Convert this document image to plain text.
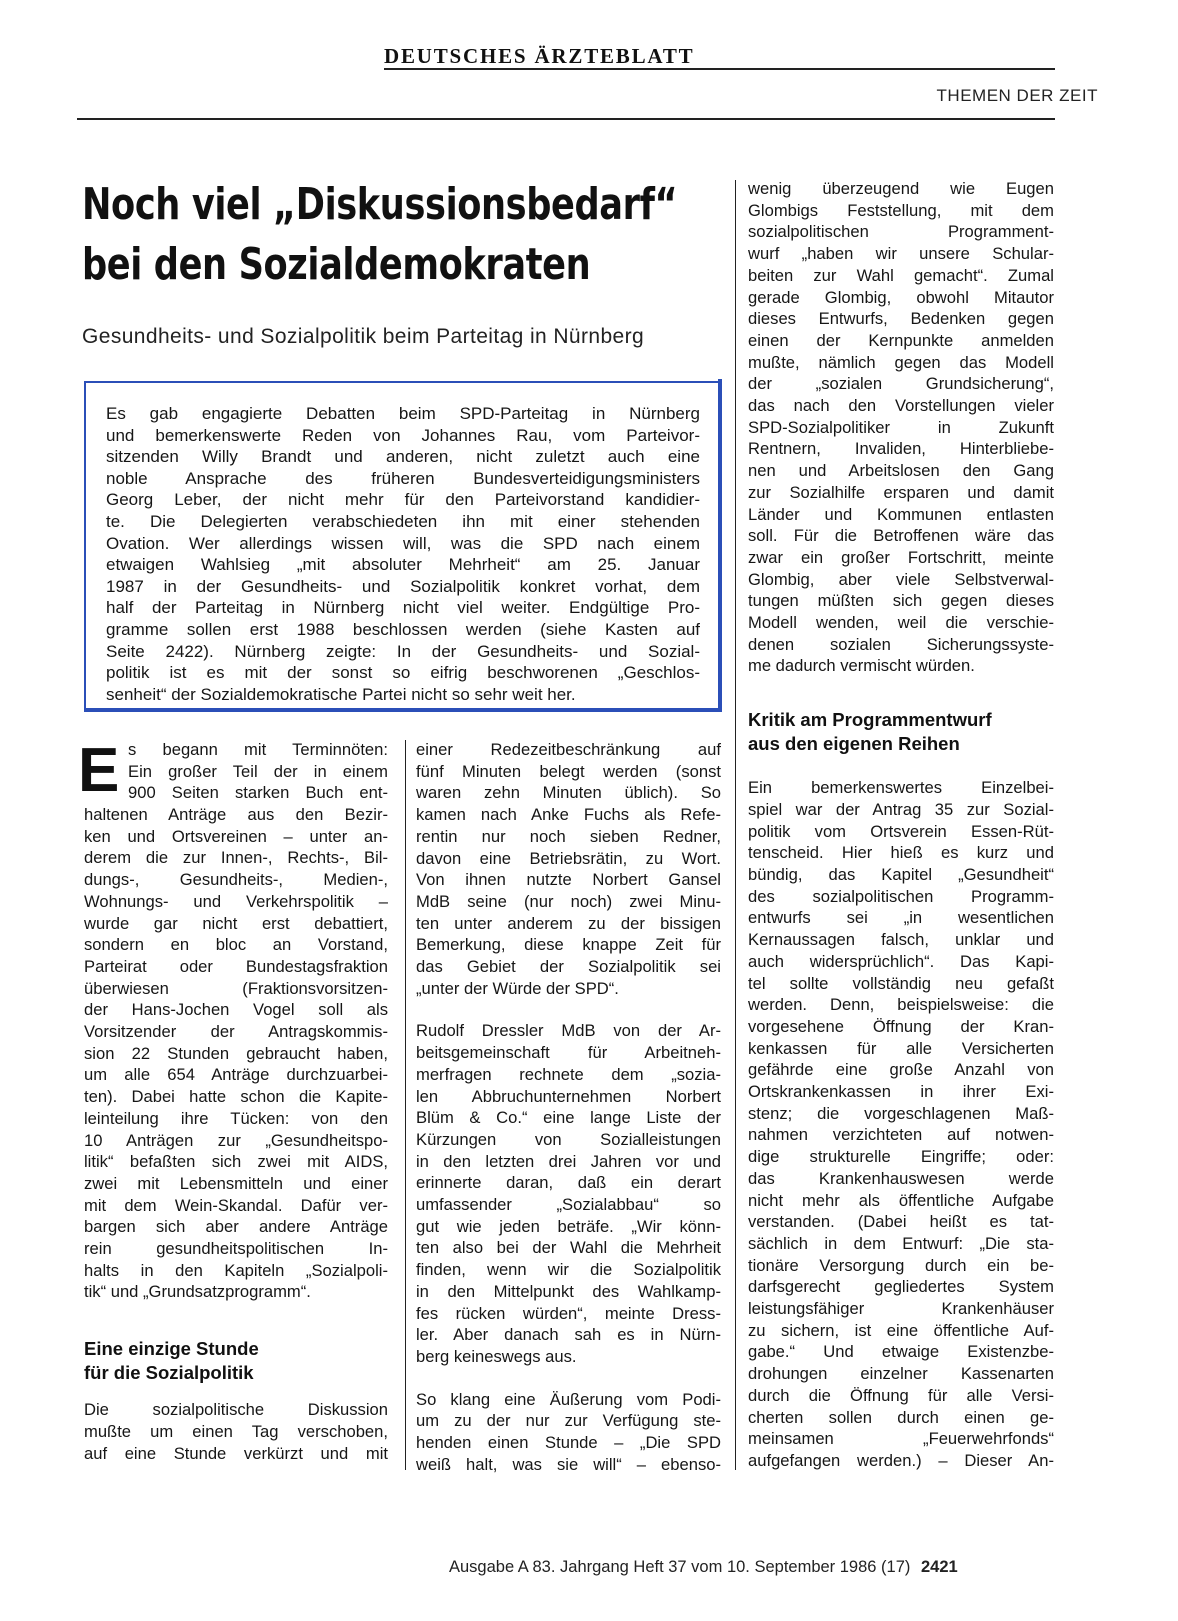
DEUTSCHES ÄRZTEBLATT
THEMEN DER ZEIT
Noch viel „Diskussionsbedarf“
bei den Sozialdemokraten
Gesundheits- und Sozialpolitik beim Parteitag in Nürnberg
Es gab engagierte Debatten beim SPD-Parteitag in Nürnberg
und bemerkenswerte Reden von Johannes Rau, vom Parteivor-
sitzenden Willy Brandt und anderen, nicht zuletzt auch eine
noble Ansprache des früheren Bundesverteidigungsministers
Georg Leber, der nicht mehr für den Parteivorstand kandidier-
te. Die Delegierten verabschiedeten ihn mit einer stehenden
Ovation. Wer allerdings wissen will, was die SPD nach einem
etwaigen Wahlsieg „mit absoluter Mehrheit“ am 25. Januar
1987 in der Gesundheits- und Sozialpolitik konkret vorhat, dem
half der Parteitag in Nürnberg nicht viel weiter. Endgültige Pro-
gramme sollen erst 1988 beschlossen werden (siehe Kasten auf
Seite 2422). Nürnberg zeigte: In der Gesundheits- und Sozial-
politik ist es mit der sonst so eifrig beschworenen „Geschlos-
senheit“ der Sozialdemokratische Partei nicht so sehr weit her.
E s begann mit Terminnöten:
Ein großer Teil der in einem
900 Seiten starken Buch ent-
haltenen Anträge aus den Bezir-
ken und Ortsvereinen – unter an-
derem die zur Innen-, Rechts-, Bil-
dungs-, Gesundheits-, Medien-,
Wohnungs- und Verkehrspolitik –
wurde gar nicht erst debattiert,
sondern en bloc an Vorstand,
Parteirat oder Bundestagsfraktion
überwiesen (Fraktionsvorsitzen-
der Hans-Jochen Vogel soll als
Vorsitzender der Antragskommis-
sion 22 Stunden gebraucht haben,
um alle 654 Anträge durchzuarbei-
ten). Dabei hatte schon die Kapite-
leinteilung ihre Tücken: von den
10 Anträgen zur „Gesundheitspo-
litik“ befaßten sich zwei mit AIDS,
zwei mit Lebensmitteln und einer
mit dem Wein-Skandal. Dafür ver-
bargen sich aber andere Anträge
rein gesundheitspolitischen In-
halts in den Kapiteln „Sozialpoli-
tik“ und „Grundsatzprogramm“.

Eine einzige Stunde
für die Sozialpolitik

Die sozialpolitische Diskussion
mußte um einen Tag verschoben,
auf eine Stunde verkürzt und mit
einer Redezeitbeschränkung auf
fünf Minuten belegt werden (sonst
waren zehn Minuten üblich). So
kamen nach Anke Fuchs als Refe-
rentin nur noch sieben Redner,
davon eine Betriebsrätin, zu Wort.
Von ihnen nutzte Norbert Gansel
MdB seine (nur noch) zwei Minu-
ten unter anderem zu der bissigen
Bemerkung, diese knappe Zeit für
das Gebiet der Sozialpolitik sei
„unter der Würde der SPD“.
Rudolf Dressler MdB von der Ar-
beitsgemeinschaft für Arbeitneh-
merfragen rechnete dem „sozia-
len Abbruchunternehmen Norbert
Blüm & Co.“ eine lange Liste der
Kürzungen von Sozialleistungen
in den letzten drei Jahren vor und
erinnerte daran, daß ein derart
umfassender „Sozialabbau“ so
gut wie jeden beträfe. „Wir könn-
ten also bei der Wahl die Mehrheit
finden, wenn wir die Sozialpolitik
in den Mittelpunkt des Wahlkamp-
fes rücken würden“, meinte Dress-
ler. Aber danach sah es in Nürn-
berg keineswegs aus.
So klang eine Äußerung vom Podi-
um zu der nur zur Verfügung ste-
henden einen Stunde – „Die SPD
weiß halt, was sie will“ – ebenso-
wenig überzeugend wie Eugen
Glombigs Feststellung, mit dem
sozialpolitischen Programment-
wurf „haben wir unsere Schular-
beiten zur Wahl gemacht“. Zumal
gerade Glombig, obwohl Mitautor
dieses Entwurfs, Bedenken gegen
einen der Kernpunkte anmelden
mußte, nämlich gegen das Modell
der „sozialen Grundsicherung“,
das nach den Vorstellungen vieler
SPD-Sozialpolitiker in Zukunft
Rentnern, Invaliden, Hinterbliebe-
nen und Arbeitslosen den Gang
zur Sozialhilfe ersparen und damit
Länder und Kommunen entlasten
soll. Für die Betroffenen wäre das
zwar ein großer Fortschritt, meinte
Glombig, aber viele Selbstverwal-
tungen müßten sich gegen dieses
Modell wenden, weil die verschie-
denen sozialen Sicherungssyste-
me dadurch vermischt würden.

Kritik am Programmentwurf
aus den eigenen Reihen

Ein bemerkenswertes Einzelbei-
spiel war der Antrag 35 zur Sozial-
politik vom Ortsverein Essen-Rüt-
tenscheid. Hier hieß es kurz und
bündig, das Kapitel „Gesundheit“
des sozialpolitischen Programm-
entwurfs sei „in wesentlichen
Kernaussagen falsch, unklar und
auch widersprüchlich“. Das Kapi-
tel sollte vollständig neu gefaßt
werden. Denn, beispielsweise: die
vorgesehene Öffnung der Kran-
kenkassen für alle Versicherten
gefährde eine große Anzahl von
Ortskrankenkassen in ihrer Exi-
stenz; die vorgeschlagenen Maß-
nahmen verzichteten auf notwen-
dige strukturelle Eingriffe; oder:
das Krankenhauswesen werde
nicht mehr als öffentliche Aufgabe
verstanden. (Dabei heißt es tat-
sächlich in dem Entwurf: „Die sta-
tionäre Versorgung durch ein be-
darfsgerecht gegliedertes System
leistungsfähiger Krankenhäuser
zu sichern, ist eine öffentliche Auf-
gabe.“ Und etwaige Existenzbe-
drohungen einzelner Kassenarten
durch die Öffnung für alle Versi-
cherten sollen durch einen ge-
meinsamen „Feuerwehrfonds“
aufgefangen werden.) – Dieser An-
Ausgabe A 83. Jahrgang Heft 37 vom 10. September 1986 (17) 2421
